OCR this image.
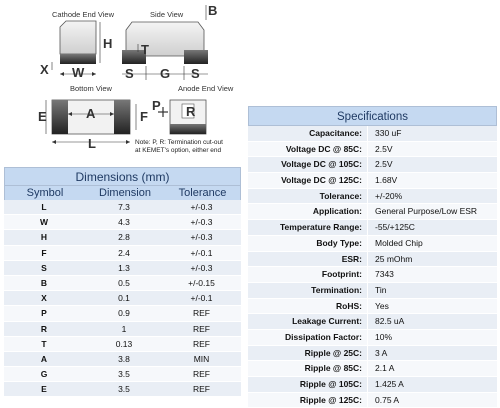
Cathode End View	Side View
Bottom View	Anode End View
B
H
X W
T
S G S
E	A	F
L
P R
Note: P, R: Termination cut-out
at KEMET's option, either end
Dimensions (mm)
Symbol	Dimension	Tolerance
L	7.3	+/-0.3
W	4.3	+/-0.3
H	2.8	+/-0.3
F	2.4	+/-0.1
S	1.3	+/-0.3
B	0.5	+/-0.15
X	0.1	+/-0.1
P	0.9	REF
R	1	REF
T	0.13	REF
A	3.8	MIN
G	3.5	REF
E	3.5	REF
Specifications
Capacitance:	330 uF
Voltage DC @ 85C:	2.5V
Voltage DC @ 105C:	2.5V
Voltage DC @ 125C:	1.68V
Tolerance:	+/-20%
Application:	General Purpose/Low ESR
Temperature Range:	-55/+125C
Body Type:	Molded Chip
ESR:	25 mOhm
Footprint:	7343
Termination:	Tin
RoHS:	Yes
Leakage Current:	82.5 uA
Dissipation Factor:	10%
Ripple @ 25C:	3 A
Ripple @ 85C:	2.1 A
Ripple @ 105C:	1.425 A
Ripple @ 125C:	0.75 A
